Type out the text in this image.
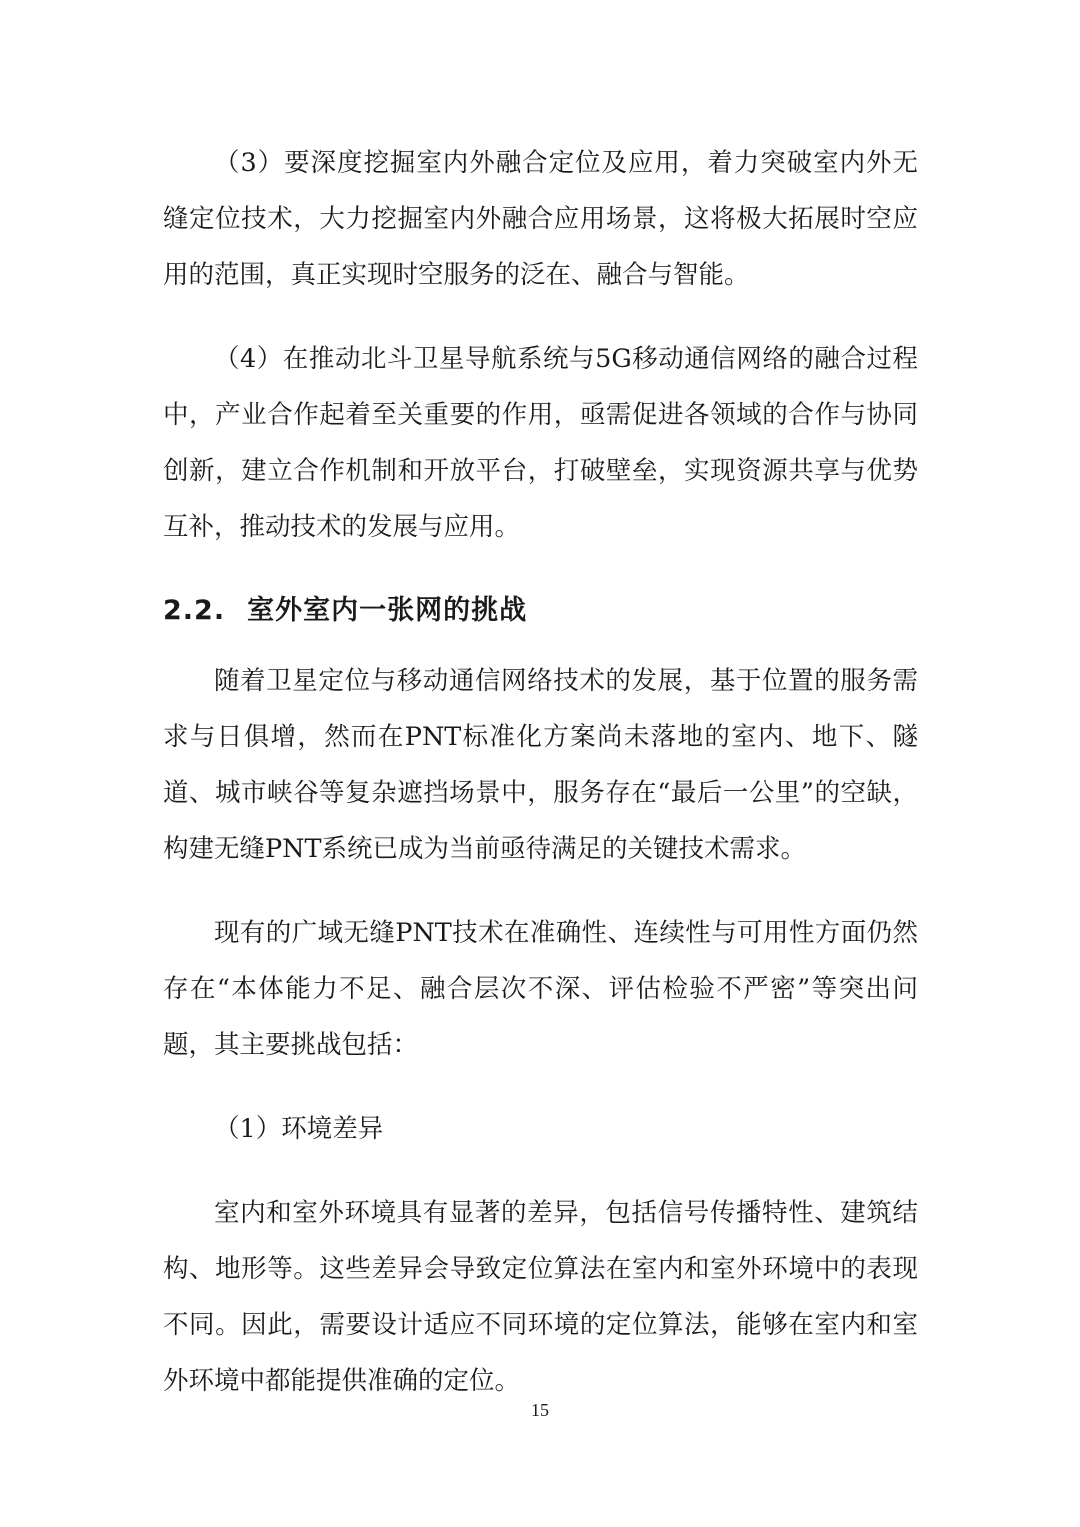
（3）要深度挖掘室内外融合定位及应用，着力突破室内外无缝定位技术，大力挖掘室内外融合应用场景，这将极大拓展时空应用的范围，真正实现时空服务的泛在、融合与智能。

（4）在推动北斗卫星导航系统与5G移动通信网络的融合过程中，产业合作起着至关重要的作用，亟需促进各领域的合作与协同创新，建立合作机制和开放平台，打破壁垒，实现资源共享与优势互补，推动技术的发展与应用。

2.2. 室外室内一张网的挑战

随着卫星定位与移动通信网络技术的发展，基于位置的服务需求与日俱增，然而在PNT标准化方案尚未落地的室内、地下、隧道、城市峡谷等复杂遮挡场景中，服务存在“最后一公里”的空缺，构建无缝PNT系统已成为当前亟待满足的关键技术需求。

现有的广域无缝PNT技术在准确性、连续性与可用性方面仍然存在“本体能力不足、融合层次不深、评估检验不严密”等突出问题，其主要挑战包括：

（1）环境差异

室内和室外环境具有显著的差异，包括信号传播特性、建筑结构、地形等。这些差异会导致定位算法在室内和室外环境中的表现不同。因此，需要设计适应不同环境的定位算法，能够在室内和室外环境中都能提供准确的定位。

15
